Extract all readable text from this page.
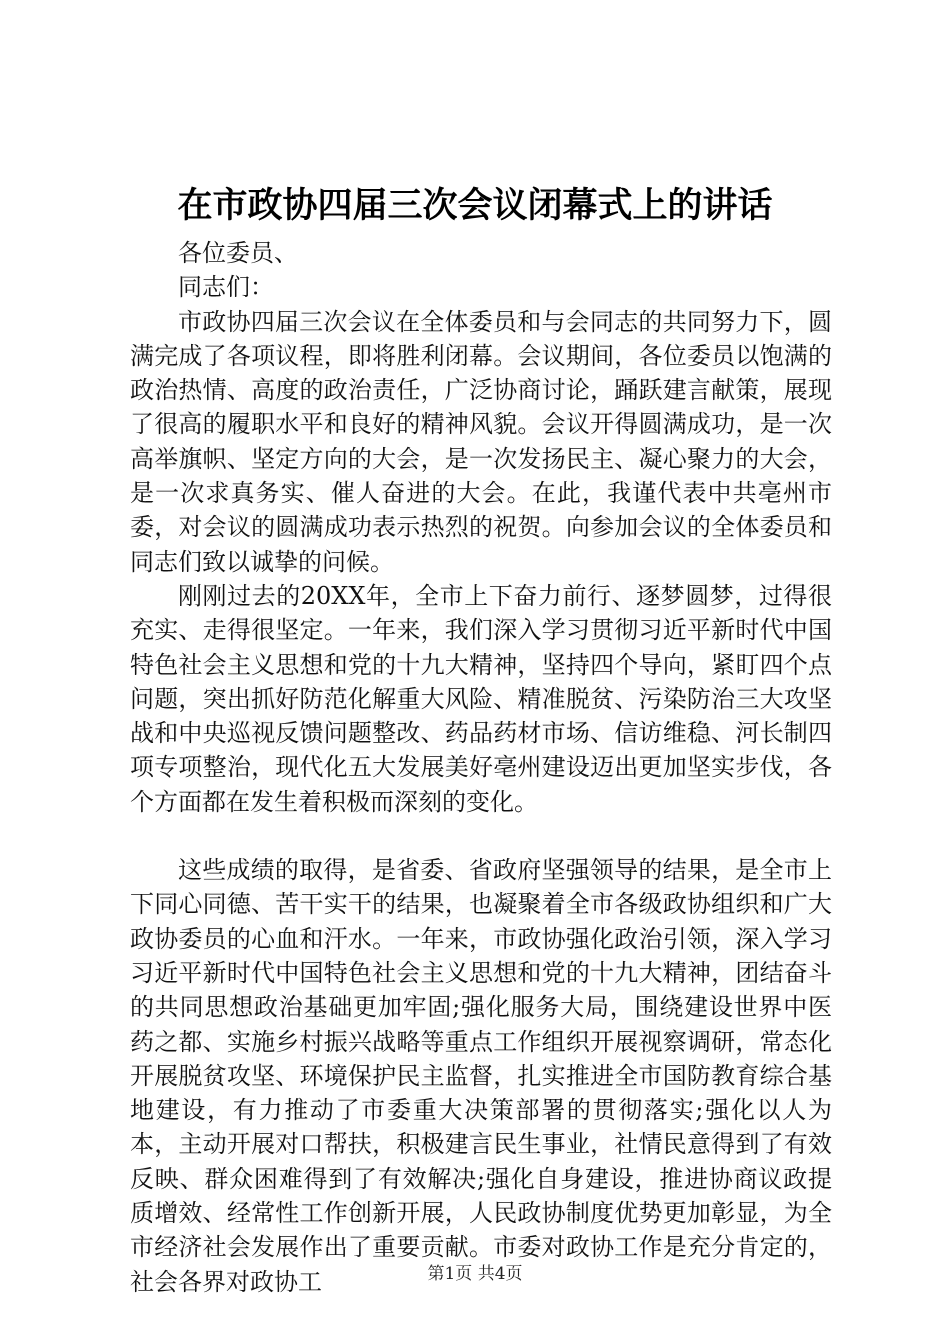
在市政协四届三次会议闭幕式上的讲话

各位委员、

同志们：

市政协四届三次会议在全体委员和与会同志的共同努力下，圆满完成了各项议程，即将胜利闭幕。会议期间，各位委员以饱满的政治热情、高度的政治责任，广泛协商讨论，踊跃建言献策，展现了很高的履职水平和良好的精神风貌。会议开得圆满成功，是一次高举旗帜、坚定方向的大会，是一次发扬民主、凝心聚力的大会，是一次求真务实、催人奋进的大会。在此，我谨代表中共亳州市委，对会议的圆满成功表示热烈的祝贺。向参加会议的全体委员和同志们致以诚挚的问候。

刚刚过去的20XX年，全市上下奋力前行、逐梦圆梦，过得很充实、走得很坚定。一年来，我们深入学习贯彻习近平新时代中国特色社会主义思想和党的十九大精神，坚持四个导向，紧盯四个点问题，突出抓好防范化解重大风险、精准脱贫、污染防治三大攻坚战和中央巡视反馈问题整改、药品药材市场、信访维稳、河长制四项专项整治，现代化五大发展美好亳州建设迈出更加坚实步伐，各个方面都在发生着积极而深刻的变化。

这些成绩的取得，是省委、省政府坚强领导的结果，是全市上下同心同德、苦干实干的结果，也凝聚着全市各级政协组织和广大政协委员的心血和汗水。一年来，市政协强化政治引领，深入学习习近平新时代中国特色社会主义思想和党的十九大精神，团结奋斗的共同思想政治基础更加牢固;强化服务大局，围绕建设世界中医药之都、实施乡村振兴战略等重点工作组织开展视察调研，常态化开展脱贫攻坚、环境保护民主监督，扎实推进全市国防教育综合基地建设，有力推动了市委重大决策部署的贯彻落实;强化以人为本，主动开展对口帮扶，积极建言民生事业，社情民意得到了有效反映、群众困难得到了有效解决;强化自身建设，推进协商议政提质增效、经常性工作创新开展，人民政协制度优势更加彰显，为全市经济社会发展作出了重要贡献。市委对政协工作是充分肯定的，社会各界对政协工	第1页 共4页
